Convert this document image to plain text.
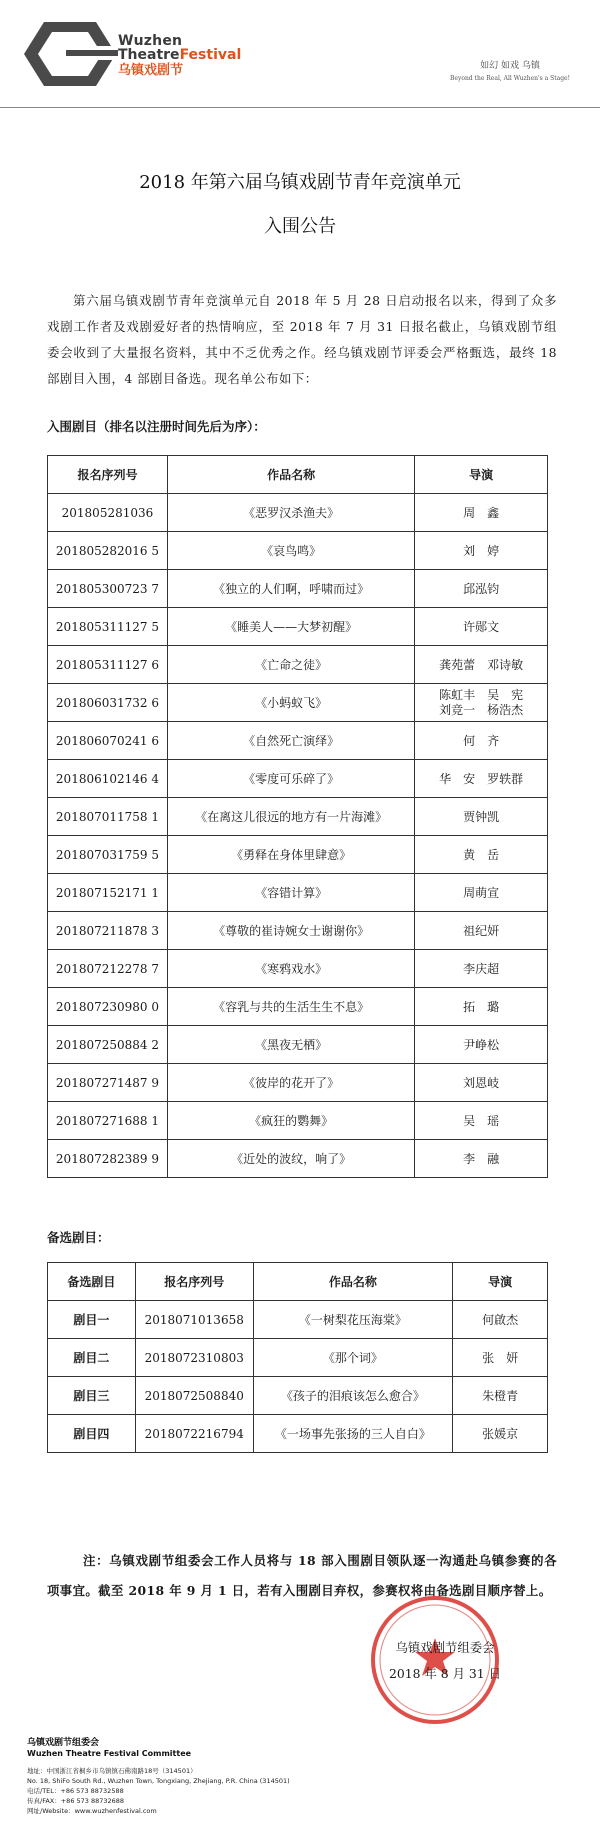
Wuzhen
TheatreFestival
乌镇戏剧节	如幻 如戏 乌镇
Beyond the Real, All Wuzhen's a Stage!
2018 年第六届乌镇戏剧节青年竞演单元
入围公告
第六届乌镇戏剧节青年竞演单元自 2018 年 5 月 28 日启动报名以来，得到了众多戏剧工作者及戏剧爱好者的热情响应，至 2018 年 7 月 31 日报名截止，乌镇戏剧节组委会收到了大量报名资料，其中不乏优秀之作。经乌镇戏剧节评委会严格甄选，最终 18 部剧目入围，4 部剧目备选。现名单公布如下：
入围剧目（排名以注册时间先后为序）：
报名序列号	作品名称	导演
201805281036	《恶罗汉杀渔夫》	周　鑫
201805282016 5	《哀鸟鸣》	刘　婷
201805300723 7	《独立的人们啊，呼啸而过》	邱泓钧
201805311127 5	《睡美人——大梦初醒》	许郧文
201805311127 6	《亡命之徒》	龚苑蕾　邓诗敏
201806031732 6	《小蚂蚁飞》	陈虹丰　吴　宪
刘竞一　杨浩杰
201806070241 6	《自然死亡演绎》	何　齐
201806102146 4	《零度可乐碎了》	华　安　罗轶群
201807011758 1	《在离这儿很远的地方有一片海滩》	贾钟凯
201807031759 5	《勇释在身体里肆意》	黄　岳
201807152171 1	《容错计算》	周萌宣
201807211878 3	《尊敬的崔诗婉女士谢谢你》	祖纪妍
201807212278 7	《寒鸦戏水》	李庆超
201807230980 0	《容乳与共的生活生生不息》	拓　璐
201807250884 2	《黑夜无栖》	尹峥松
201807271487 9	《彼岸的花开了》	刘恩岐
201807271688 1	《疯狂的鹦舞》	吴　瑶
201807282389 9	《近处的波纹，响了》	李　融
备选剧目：
备选剧目	报名序列号	作品名称	导演
剧目一	2018071013658	《一树梨花压海棠》	何啟杰
剧目二	2018072310803	《那个词》	张　妍
剧目三	2018072508840	《孩子的泪痕该怎么愈合》	朱橙青
剧目四	2018072216794	《一场事先张扬的三人自白》	张媛京
注：乌镇戏剧节组委会工作人员将与 18 部入围剧目领队逐一沟通赴乌镇参赛的各项事宜。截至 2018 年 9 月 1 日，若有入围剧目弃权，参赛权将由备选剧目顺序替上。
乌镇戏剧节组委会
2018 年 8 月 31 日
乌镇戏剧节组委会
Wuzhen Theatre Festival Committee
地址：中国浙江省桐乡市乌镇镇石佛南路18号（314501）
No. 18, ShiFo South Rd., Wuzhen Town, Tongxiang, Zhejiang, P.R. China (314501)
电话/TEL：+86 573 88732588
传真/FAX：+86 573 88732688
网址/Website：www.wuzhenfestival.com
